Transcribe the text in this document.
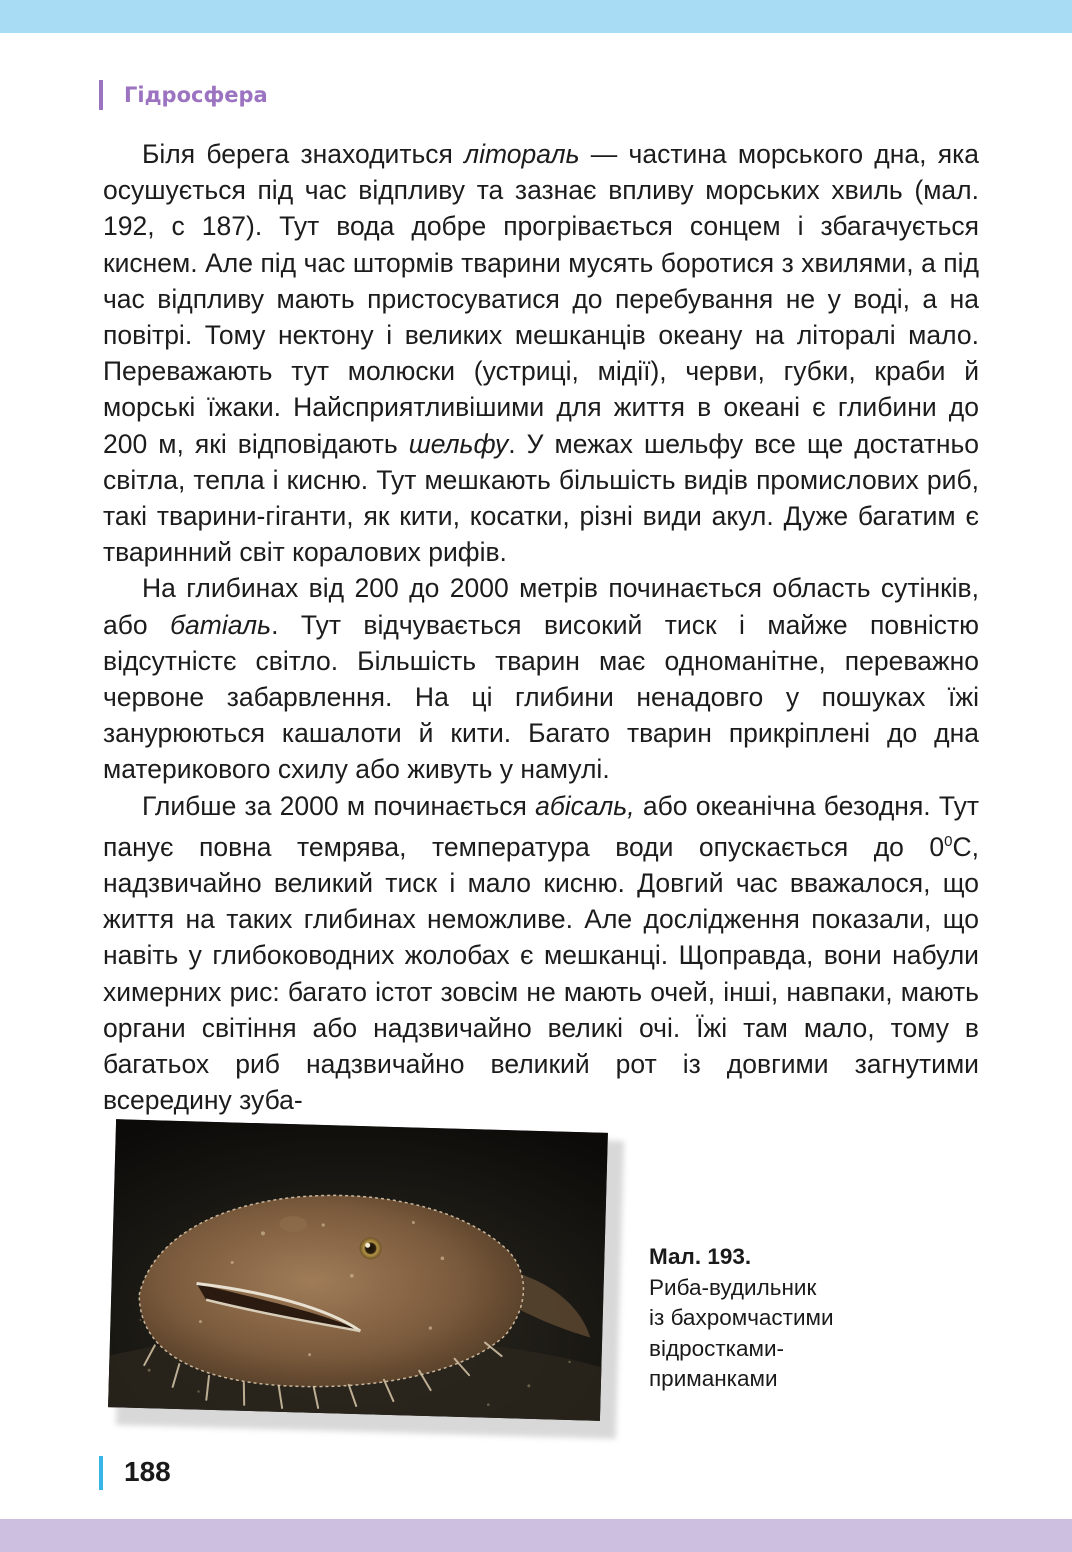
Гідросфера

Біля берега знаходиться літораль — частина морського дна, яка осушується під час відпливу та зазнає впливу морських хвиль (мал. 192, с 187). Тут вода добре прогрівається сонцем і збагачується киснем. Але під час штормів тварини мусять боротися з хвилями, а під час відпливу мають пристосуватися до перебування не у воді, а на повітрі. Тому нектону і великих мешканців океану на літоралі мало. Переважають тут молюски (устриці, мідії), черви, губки, краби й морські їжаки. Найсприятливішими для життя в океані є глибини до 200 м, які відповідають шельфу. У межах шельфу все ще достатньо світла, тепла і кисню. Тут мешкають більшість видів промислових риб, такі тварини-гіганти, як кити, косатки, різні види акул. Дуже багатим є тваринний світ коралових рифів.

На глибинах від 200 до 2000 метрів починається область сутінків, або батіаль. Тут відчувається високий тиск і майже повністю відсутністє світло. Більшість тварин має одноманітне, переважно червоне забарвлення. На ці глибини ненадовго у пошуках їжі занурюються кашалоти й кити. Багато тварин прикріплені до дна материкового схилу або живуть у намулі.

Глибше за 2000 м починається абісаль, або океанічна безодня. Тут панує повна темрява, температура води опускається до $0^0С$, надзвичайно великий тиск і мало кисню. Довгий час вважалося, що життя на таких глибинах неможливе. Але дослідження показали, що навіть у глибоководних жолобах є мешканці. Щоправда, вони набули химерних рис: багато істот зовсім не мають очей, інші, навпаки, мають органи світіння або надзвичайно великі очі. Їжі там мало, тому в багатьох риб надзвичайно великий рот із довгими загнутими всередину зуба-

Мал. 193.
Риба-вудильник
із бахромчастими
відростками-
приманками
188
